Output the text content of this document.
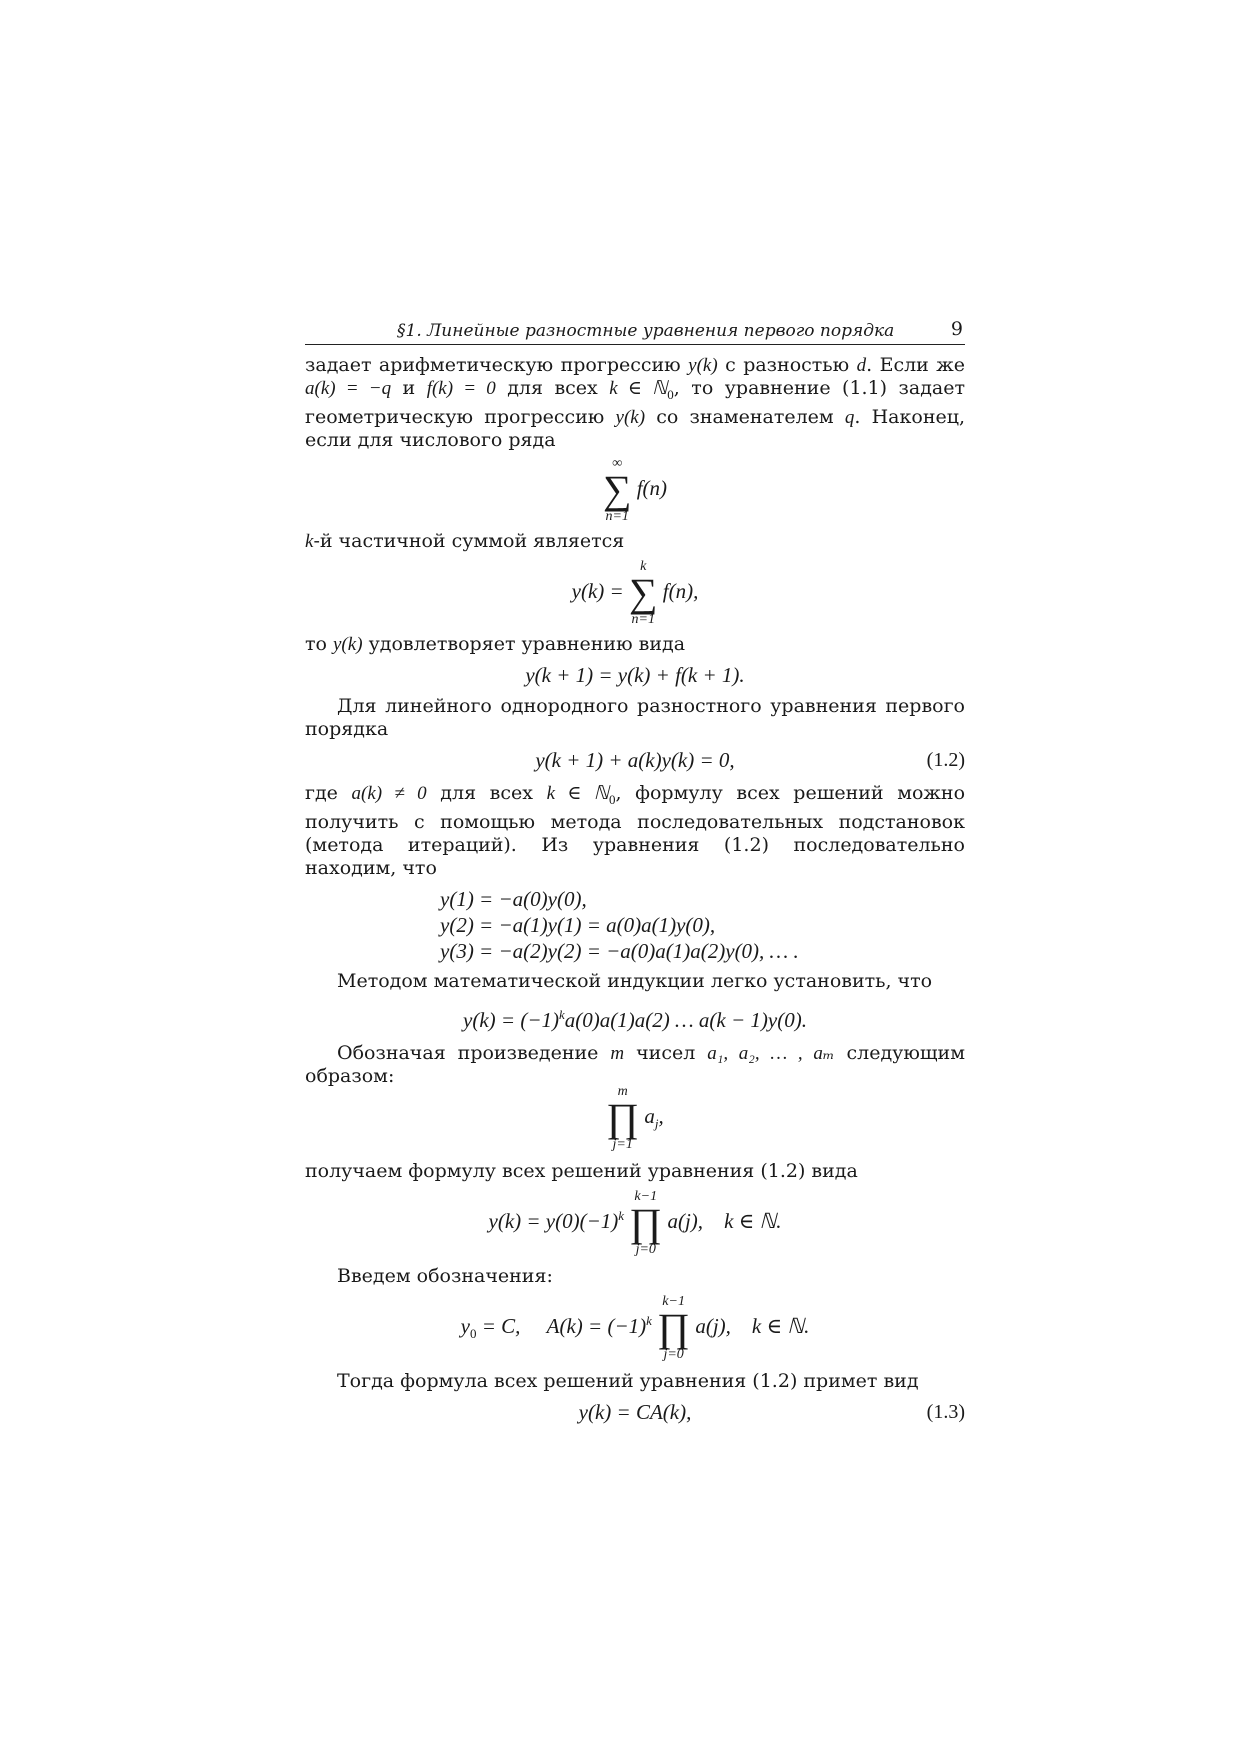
§1. Линейные разностные уравнения первого порядка	9

задает арифметическую прогрессию y(k) с разностью d. Если же a(k) = −q и f(k) = 0 для всех k ∈ ℕ$_0$, то уравнение (1.1) задает геометрическую прогрессию y(k) со знаменателем q. Наконец, если для числового ряда

∞
∑
n=1
f(n)

k-й частичной суммой является

y(k) =
k
∑
n=1
f(n),

то y(k) удовлетворяет уравнению вида

y(k + 1) = y(k) + f(k + 1).

Для линейного однородного разностного уравнения первого порядка

y(k + 1) + a(k)y(k) = 0,	(1.2)

где a(k) ≠ 0 для всех k ∈ ℕ$_0$, формулу всех решений можно получить с помощью метода последовательных подстановок (метода итераций). Из уравнения (1.2) последовательно находим, что

y(1) = −a(0)y(0),
y(2) = −a(1)y(1) = a(0)a(1)y(0),
y(3) = −a(2)y(2) = −a(0)a(1)a(2)y(0), … .

Методом математической индукции легко установить, что

$y(k) = (-1)^ka(0)a(1)a(2)$ … a(k − 1)y(0).

Обозначая произведение m чисел a₁, a₂, … , aₘ следующим образом:

m
∏
j=1
$a_j$,

получаем формулу всех решений уравнения (1.2) вида

$y(k) = y(0)(-1)^k$
k−1
∏
j=0
a(j), k ∈ ℕ.

Введем обозначения:

$y_0 = C$, $A(k) = (-1)^k$
k−1
∏
j=0
a(j), k ∈ ℕ.

Тогда формула всех решений уравнения (1.2) примет вид

y(k) = CA(k),	(1.3)
